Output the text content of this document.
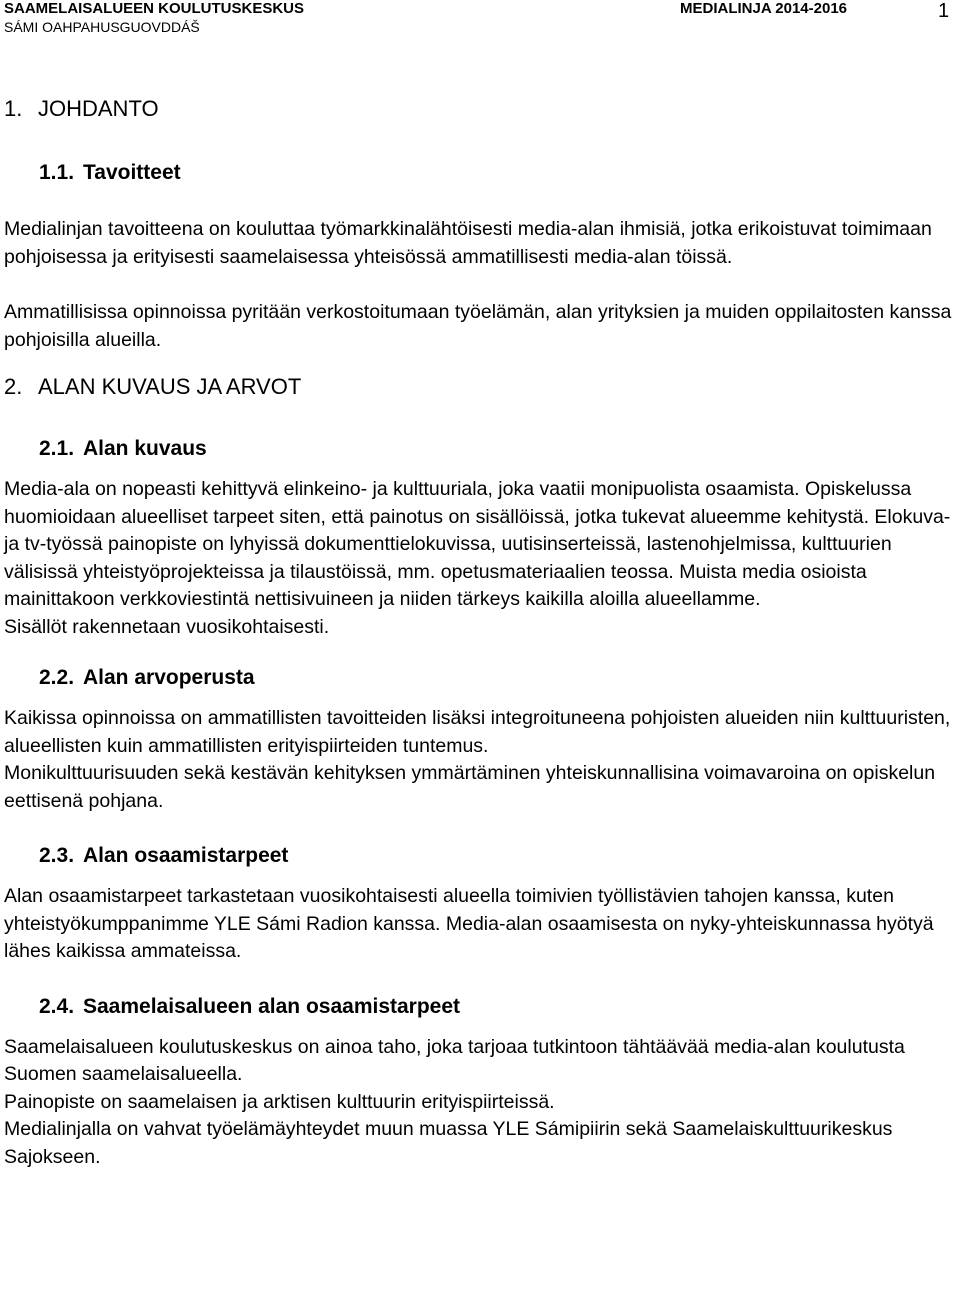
SAAMELAISALUEEN KOULUTUSKESKUS
SÁMI OAHPAHUSGUOVDDÁŠ
MEDIALINJA 2014-2016	1
1. JOHDANTO
1.1. Tavoitteet
Medialinjan tavoitteena on kouluttaa työmarkkinalähtöisesti media-alan ihmisiä, jotka erikoistuvat toimimaan pohjoisessa ja erityisesti saamelaisessa yhteisössä ammatillisesti media-alan töissä.
Ammatillisissa opinnoissa pyritään verkostoitumaan työelämän, alan yrityksien ja muiden oppilaitosten kanssa pohjoisilla alueilla.
2. ALAN KUVAUS JA ARVOT
2.1. Alan kuvaus
Media-ala on nopeasti kehittyvä elinkeino- ja kulttuuriala, joka vaatii monipuolista osaamista. Opiskelussa huomioidaan alueelliset tarpeet siten, että painotus on sisällöissä, jotka tukevat alueemme kehitystä. Elokuva- ja tv-työssä painopiste on lyhyissä dokumenttielokuvissa, uutisinserteissä, lastenohjelmissa, kulttuurien välisissä yhteistyöprojekteissa ja tilaustöissä, mm. opetusmateriaalien teossa. Muista media osioista mainittakoon verkkoviestintä nettisivuineen ja niiden tärkeys kaikilla aloilla alueellamme.
Sisällöt rakennetaan vuosikohtaisesti.
2.2. Alan arvoperusta
Kaikissa opinnoissa on ammatillisten tavoitteiden lisäksi integroituneena pohjoisten alueiden niin kulttuuristen, alueellisten kuin ammatillisten erityispiirteiden tuntemus.
Monikulttuurisuuden sekä kestävän kehityksen ymmärtäminen yhteiskunnallisina voimavaroina on opiskelun eettisenä pohjana.
2.3. Alan osaamistarpeet
Alan osaamistarpeet tarkastetaan vuosikohtaisesti alueella toimivien työllistävien tahojen kanssa, kuten yhteistyökumppanimme YLE Sámi Radion kanssa. Media-alan osaamisesta on nyky-yhteiskunnassa hyötyä lähes kaikissa ammateissa.
2.4. Saamelaisalueen alan osaamistarpeet
Saamelaisalueen koulutuskeskus on ainoa taho, joka tarjoaa tutkintoon tähtäävää media-alan koulutusta Suomen saamelaisalueella.
Painopiste on saamelaisen ja arktisen kulttuurin erityispiirteissä.
Medialinjalla on vahvat työelämäyhteydet muun muassa YLE Sámipiirin sekä Saamelaiskulttuurikeskus Sajokseen.
